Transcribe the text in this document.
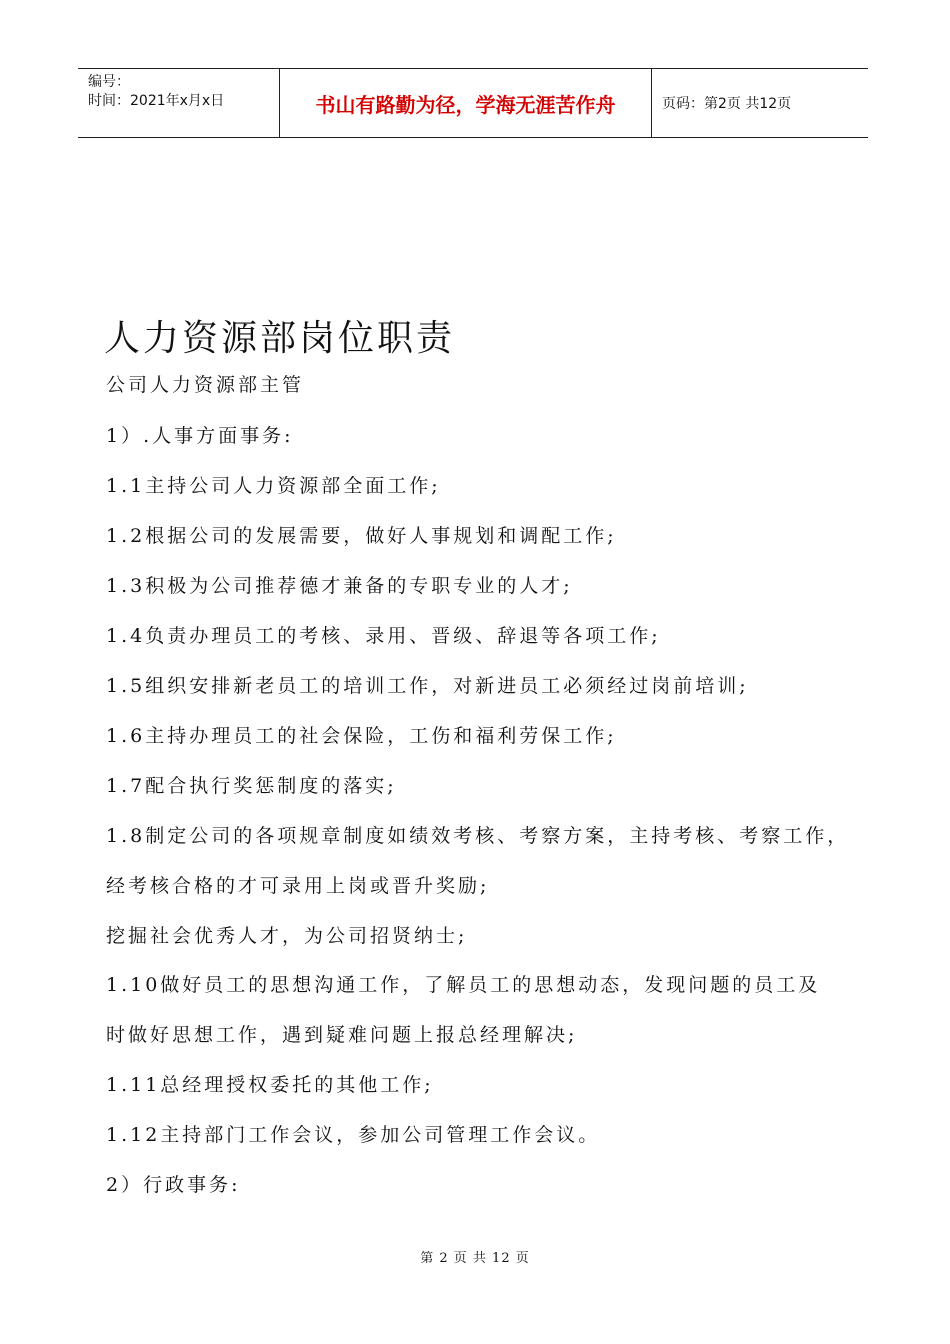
编号：
时间：2021年x月x日	书山有路勤为径，学海无涯苦作舟	页码：第2页 共12页
人力资源部岗位职责

公司人力资源部主管

1）.人事方面事务:

1.1主持公司人力资源部全面工作;

1.2根据公司的发展需要，做好人事规划和调配工作;

1.3积极为公司推荐德才兼备的专职专业的人才;

1.4负责办理员工的考核、录用、晋级、辞退等各项工作;

1.5组织安排新老员工的培训工作，对新进员工必须经过岗前培训;

1.6主持办理员工的社会保险，工伤和福利劳保工作;

1.7配合执行奖惩制度的落实;

1.8制定公司的各项规章制度如绩效考核、考察方案，主持考核、考察工作，

经考核合格的才可录用上岗或晋升奖励;

挖掘社会优秀人才，为公司招贤纳士;

1.10做好员工的思想沟通工作，了解员工的思想动态，发现问题的员工及

时做好思想工作，遇到疑难问题上报总经理解决;

1.11总经理授权委托的其他工作;

1.12主持部门工作会议，参加公司管理工作会议。

2）行政事务:

第 2 页 共 12 页
